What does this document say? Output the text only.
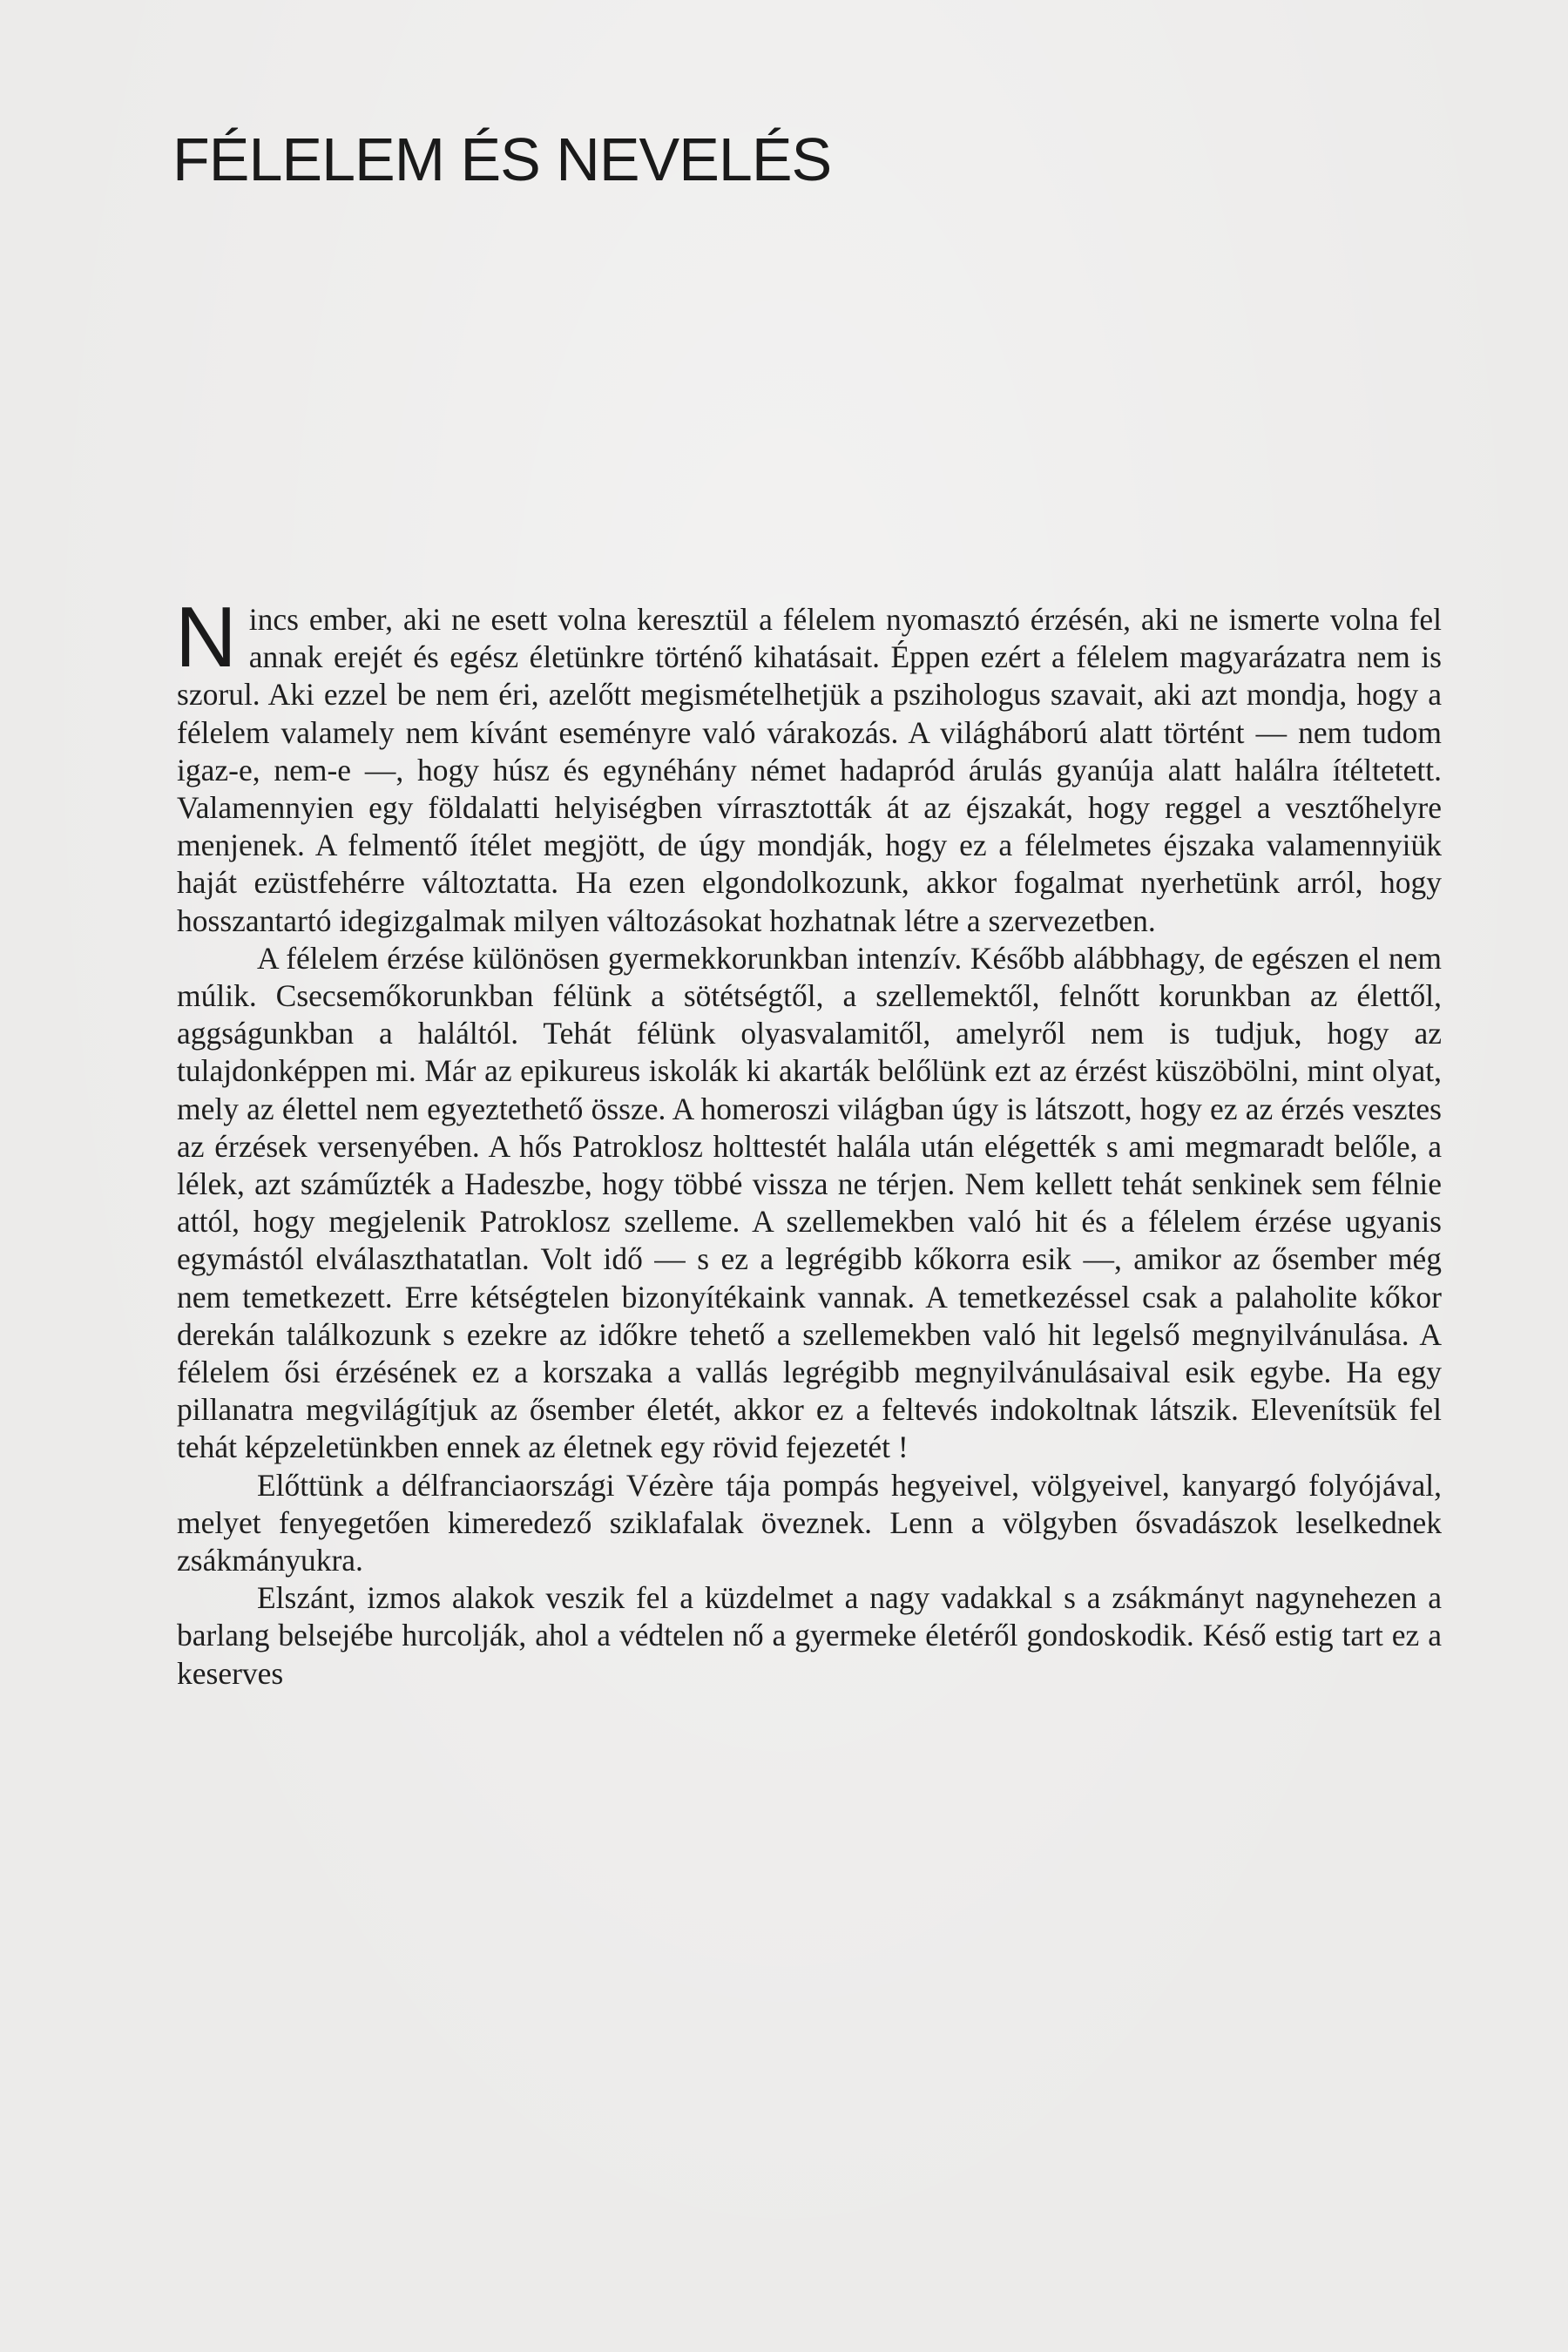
FÉLELEM ÉS NEVELÉS

Nincs ember, aki ne esett volna keresztül a félelem nyomasztó érzésén, aki ne ismerte volna fel annak erejét és egész életünkre történő kihatásait. Éppen ezért a félelem magyarázatra nem is szorul. Aki ezzel be nem éri, azelőtt megismételhetjük a pszihologus szavait, aki azt mondja, hogy a félelem valamely nem kívánt eseményre való várakozás. A világháború alatt történt — nem tudom igaz-e, nem-e —, hogy húsz és egynéhány német hadapród árulás gyanúja alatt halálra ítéltetett. Valamennyien egy földalatti helyiségben vírrasztották át az éjszakát, hogy reggel a vesztőhelyre menjenek. A felmentő ítélet megjött, de úgy mondják, hogy ez a félelmetes éjszaka valamennyiük haját ezüstfehérre változtatta. Ha ezen elgondolkozunk, akkor fogalmat nyerhetünk arról, hogy hosszantartó idegizgalmak milyen változásokat hozhatnak létre a szervezetben.

A félelem érzése különösen gyermekkorunkban intenzív. Később alábbhagy, de egészen el nem múlik. Csecsemőkorunkban félünk a sötétségtől, a szellemektől, felnőtt korunkban az élettől, aggságunkban a haláltól. Tehát félünk olyasvalamitől, amelyről nem is tudjuk, hogy az tulajdonképpen mi. Már az epikureus iskolák ki akarták belőlünk ezt az érzést küszöbölni, mint olyat, mely az élettel nem egyeztethető össze. A homeroszi világban úgy is látszott, hogy ez az érzés vesztes az érzések versenyében. A hős Patroklosz holttestét halála után elégették s ami megmaradt belőle, a lélek, azt száműzték a Hadeszbe, hogy többé vissza ne térjen. Nem kellett tehát senkinek sem félnie attól, hogy megjelenik Patroklosz szelleme. A szellemekben való hit és a félelem érzése ugyanis egymástól elválaszthatatlan. Volt idő — s ez a legrégibb kőkorra esik —, amikor az ősember még nem temetkezett. Erre kétségtelen bizonyítékaink vannak. A temetkezéssel csak a palaholite kőkor derekán találkozunk s ezekre az időkre tehető a szellemekben való hit legelső megnyilvánulása. A félelem ősi érzésének ez a korszaka a vallás legrégibb megnyilvánulásaival esik egybe. Ha egy pillanatra megvilágítjuk az ősember életét, akkor ez a feltevés indokoltnak látszik. Elevenítsük fel tehát képzeletünkben ennek az életnek egy rövid fejezetét !

Előttünk a délfranciaországi Vézère tája pompás hegyeivel, völgyeivel, kanyargó folyójával, melyet fenyegetően kimeredező sziklafalak öveznek. Lenn a völgyben ősvadászok leselkednek zsákmányukra.

Elszánt, izmos alakok veszik fel a küzdelmet a nagy vadakkal s a zsákmányt nagynehezen a barlang belsejébe hurcolják, ahol a védtelen nő a gyermeke életéről gondoskodik. Késő estig tart ez a keserves
